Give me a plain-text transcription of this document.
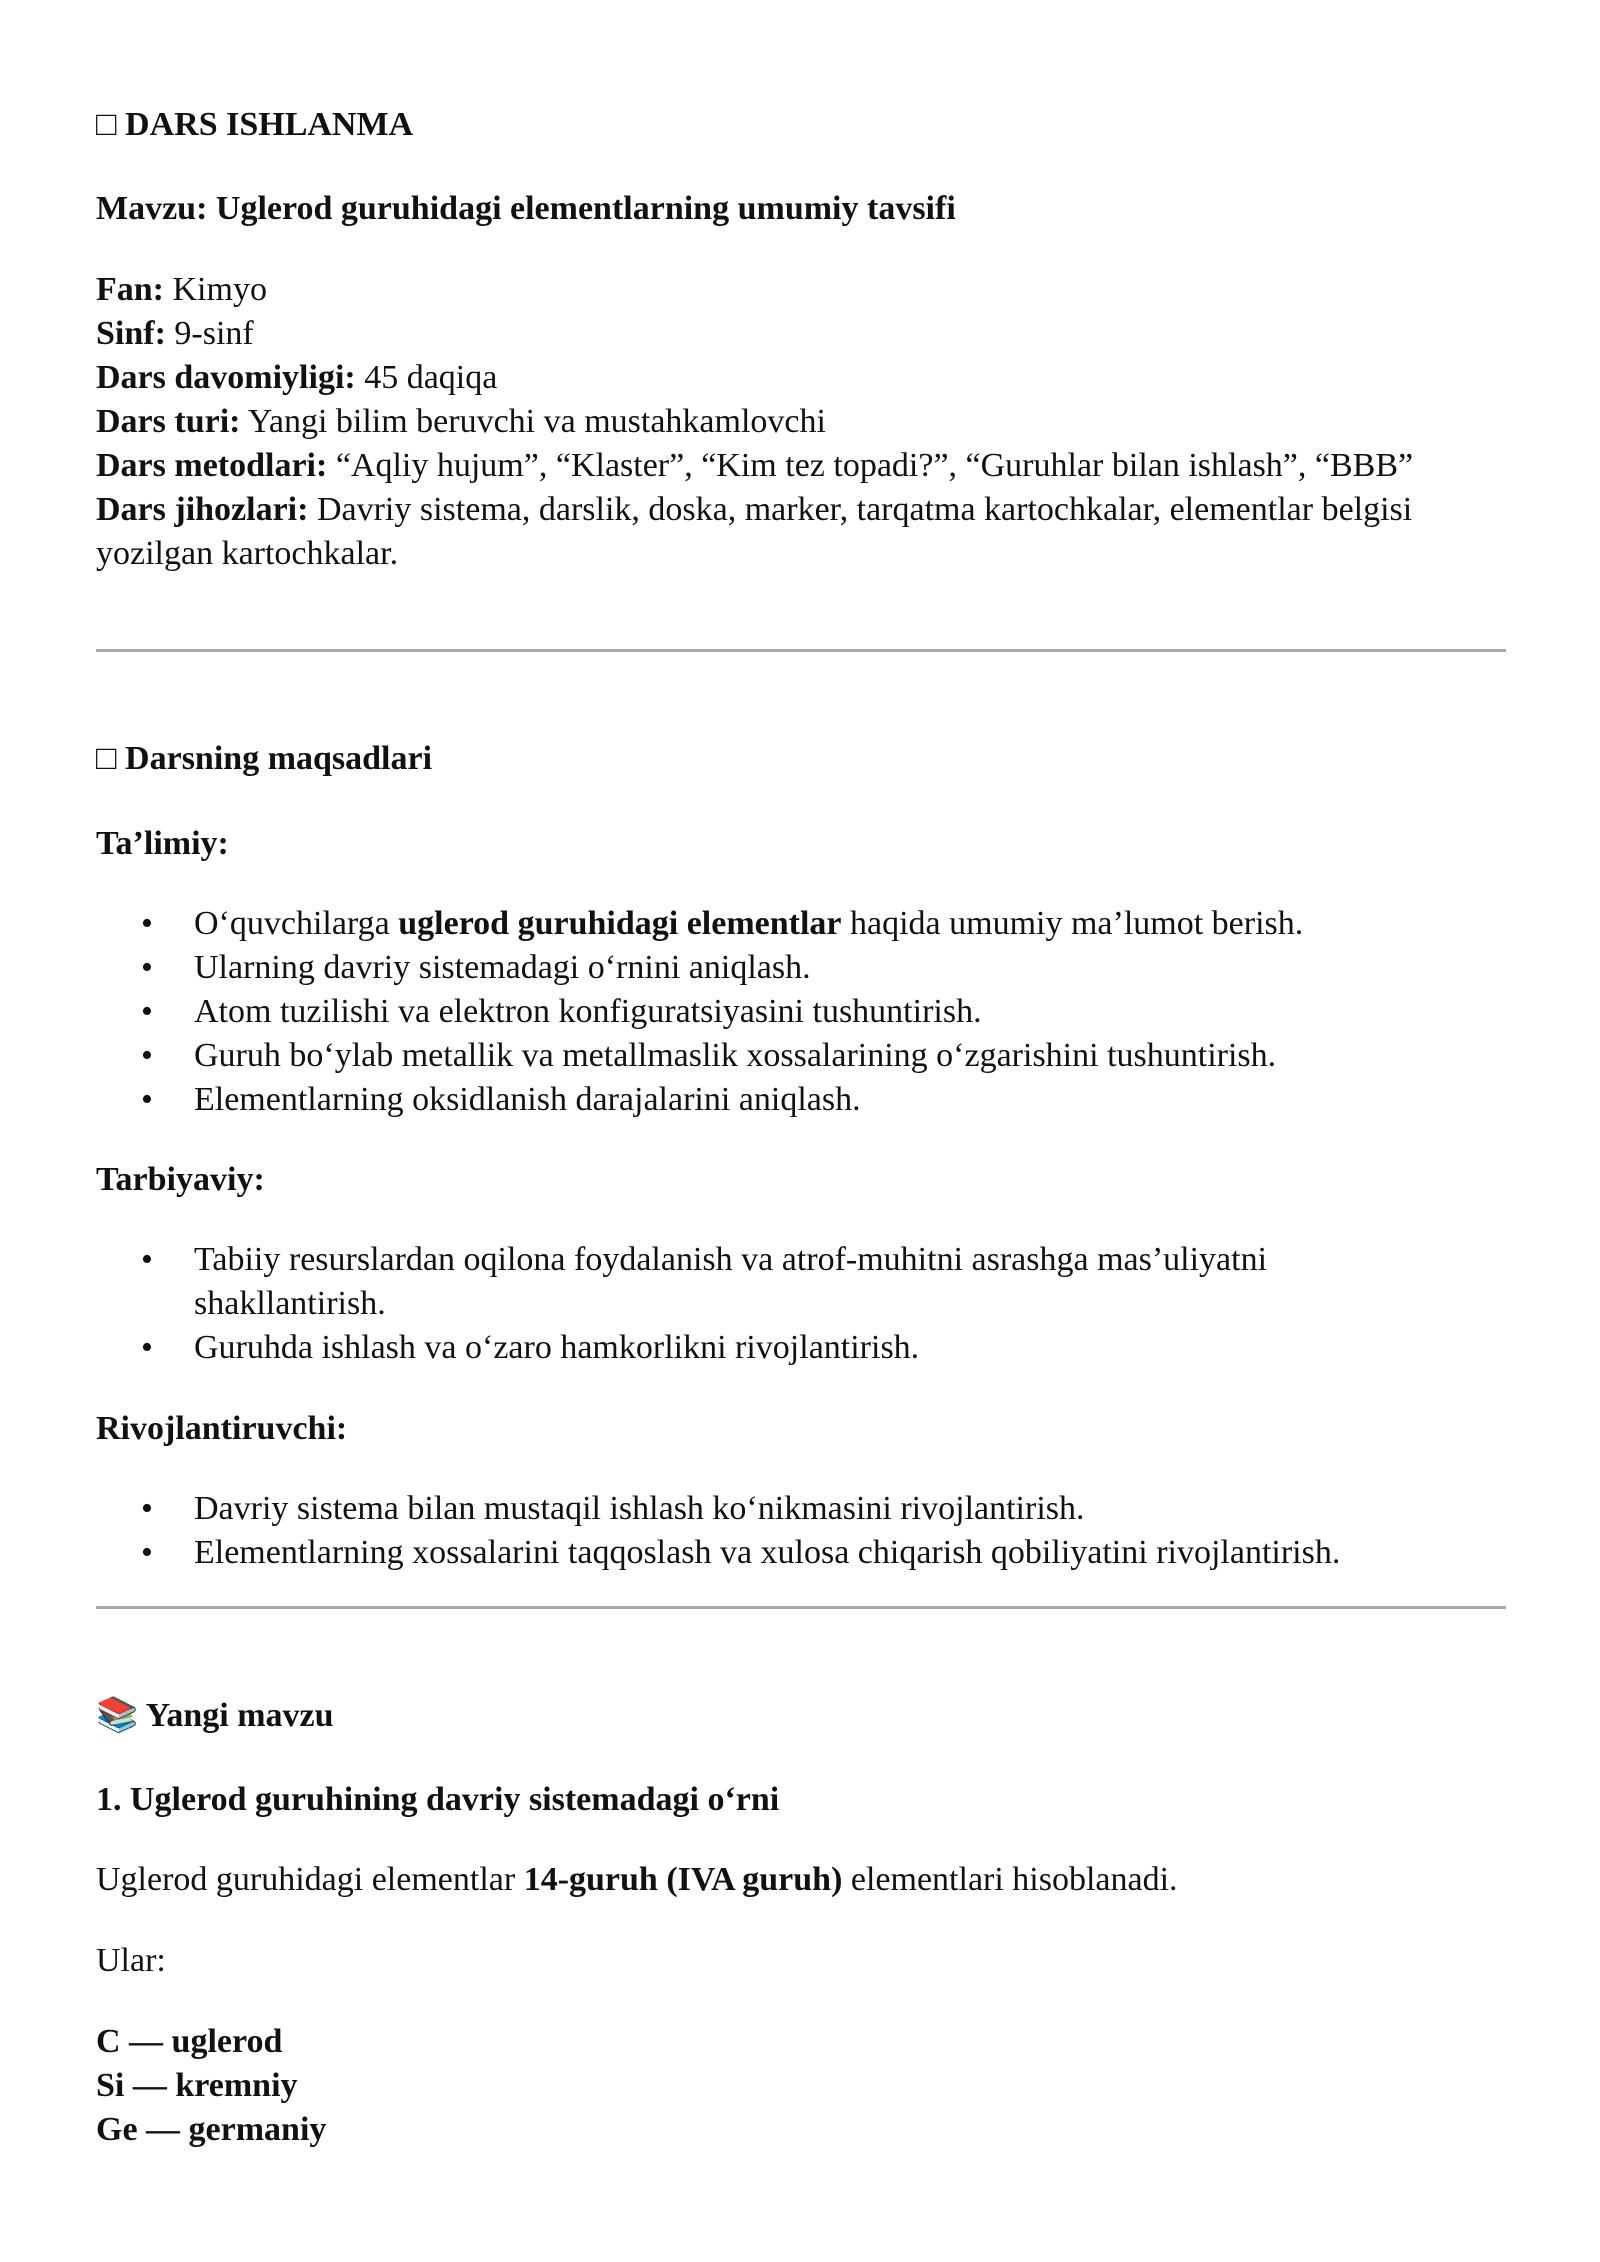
□ DARS ISHLANMA
Mavzu: Uglerod guruhidagi elementlarning umumiy tavsifi

Fan: Kimyo

Sinf: 9-sinf

Dars davomiyligi: 45 daqiqa

Dars turi: Yangi bilim beruvchi va mustahkamlovchi

Dars metodlari: “Aqliy hujum”, “Klaster”, “Kim tez topadi?”, “Guruhlar bilan ishlash”, “BBB”

Dars jihozlari: Davriy sistema, darslik, doska, marker, tarqatma kartochkalar, elementlar belgisi yozilgan kartochkalar.

□ Darsning maqsadlari
Ta’limiy:
• O‘quvchilarga uglerod guruhidagi elementlar haqida umumiy ma’lumot berish.
• Ularning davriy sistemadagi o‘rnini aniqlash.
• Atom tuzilishi va elektron konfiguratsiyasini tushuntirish.
• Guruh bo‘ylab metallik va metallmaslik xossalarining o‘zgarishini tushuntirish.
• Elementlarning oksidlanish darajalarini aniqlash.
Tarbiyaviy:
• Tabiiy resurslardan oqilona foydalanish va atrof-muhitni asrashga mas’uliyatni shakllantirish.
• Guruhda ishlash va o‘zaro hamkorlikni rivojlantirish.
Rivojlantiruvchi:
• Davriy sistema bilan mustaqil ishlash ko‘nikmasini rivojlantirish.
• Elementlarning xossalarini taqqoslash va xulosa chiqarish qobiliyatini rivojlantirish.
📚 Yangi mavzu
1. Uglerod guruhining davriy sistemadagi o‘rni

Uglerod guruhidagi elementlar 14-guruh (IVA guruh) elementlari hisoblanadi.

Ular:

C — uglerod

Si — kremniy

Ge — germaniy
